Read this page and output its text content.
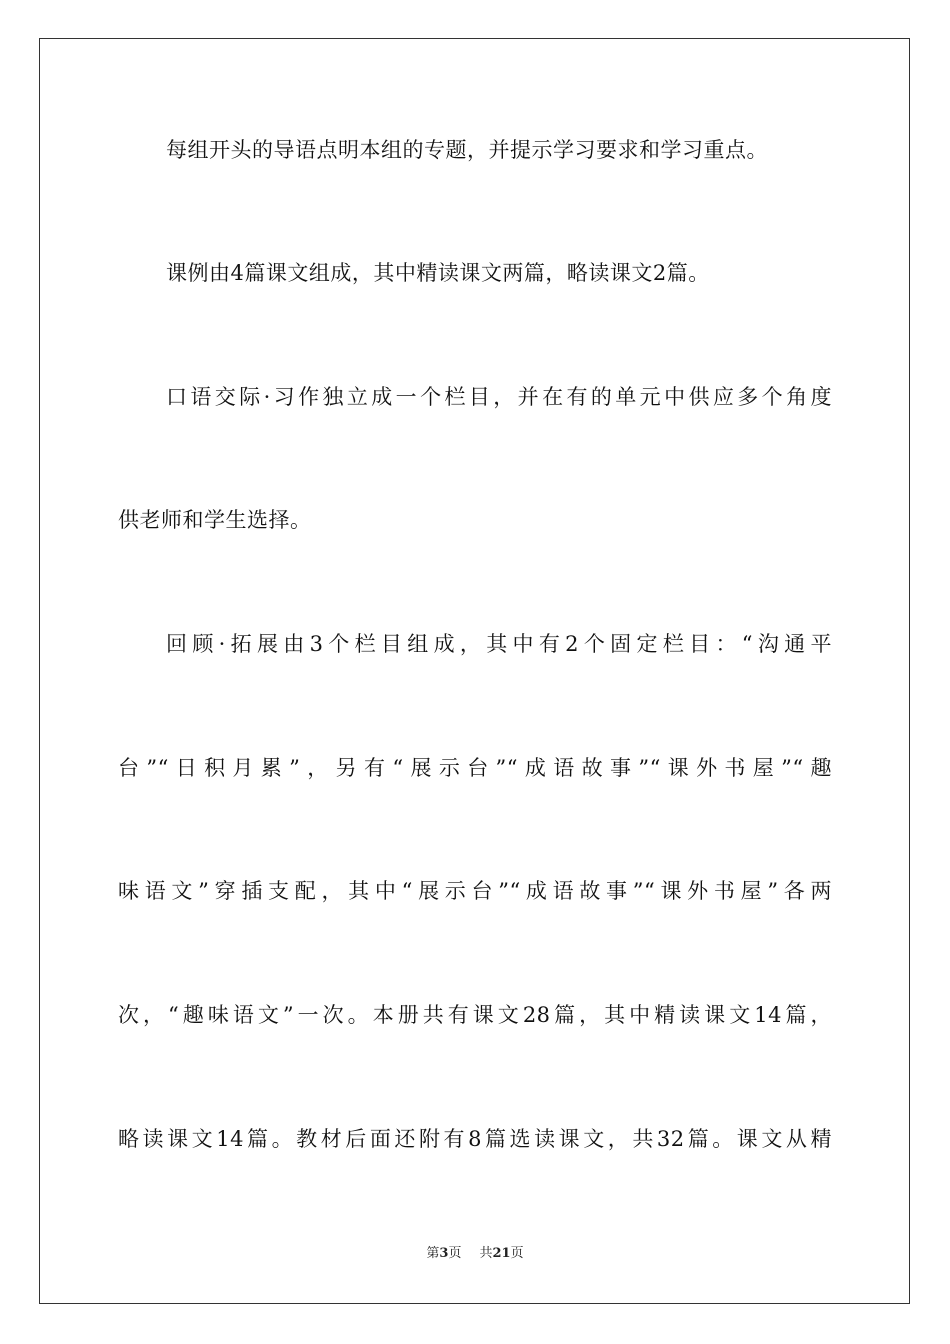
每组开头的导语点明本组的专题，并提示学习要求和学习重点。
课例由4篇课文组成，其中精读课文两篇，略读课文2篇。
口语交际·习作独立成一个栏目，并在有的单元中供应多个角度
供老师和学生选择。
回顾·拓展由3个栏目组成，其中有2个固定栏目：“沟通平
台”“日积月累”，另有“展示台”“成语故事”“课外书屋”“趣
味语文”穿插支配，其中“展示台”“成语故事”“课外书屋”各两
次，“趣味语文”一次。本册共有课文28篇，其中精读课文14篇，
略读课文14篇。教材后面还附有8篇选读课文，共32篇。课文从精
第3页 共21页
